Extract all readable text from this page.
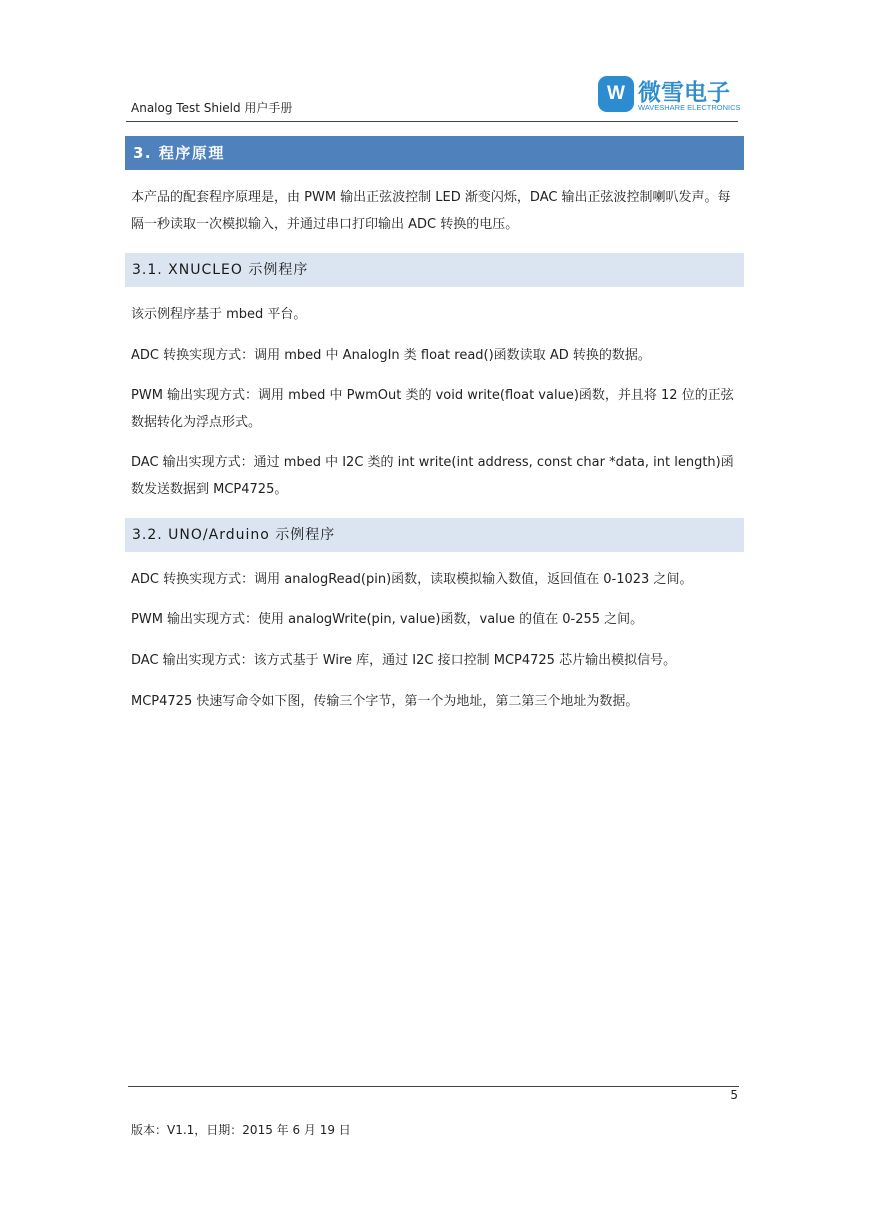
Analog Test Shield 用户手册
W 微雪电子
WAVESHARE ELECTRONICS
3. 程序原理
本产品的配套程序原理是，由 PWM 输出正弦波控制 LED 渐变闪烁，DAC 输出正弦波控制喇叭发声。每隔一秒读取一次模拟输入，并通过串口打印输出 ADC 转换的电压。
3.1. XNUCLEO 示例程序
该示例程序基于 mbed 平台。
ADC 转换实现方式：调用 mbed 中 AnalogIn 类 float read()函数读取 AD 转换的数据。
PWM 输出实现方式：调用 mbed 中 PwmOut 类的 void write(float value)函数，并且将 12 位的正弦数据转化为浮点形式。
DAC 输出实现方式：通过 mbed 中 I2C 类的 int write(int address, const char *data, int length)函数发送数据到 MCP4725。
3.2. UNO/Arduino 示例程序
ADC 转换实现方式：调用 analogRead(pin)函数，读取模拟输入数值，返回值在 0-1023 之间。
PWM 输出实现方式：使用 analogWrite(pin, value)函数，value 的值在 0-255 之间。
DAC 输出实现方式：该方式基于 Wire 库，通过 I2C 接口控制 MCP4725 芯片输出模拟信号。
MCP4725 快速写命令如下图，传输三个字节，第一个为地址，第二第三个地址为数据。
5
版本：V1.1，日期：2015 年 6 月 19 日
